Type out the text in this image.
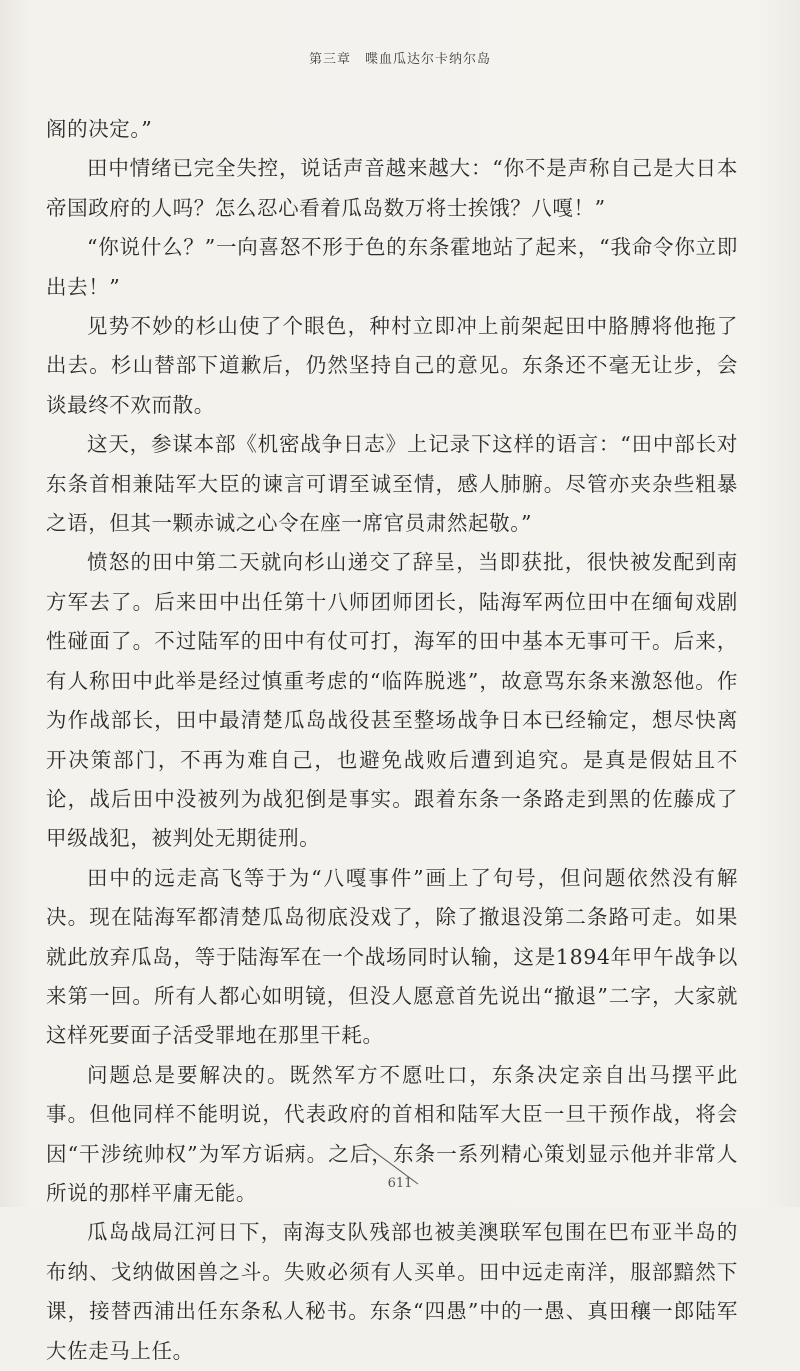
第三章 喋血瓜达尔卡纳尔岛

阁的决定。”

田中情绪已完全失控，说话声音越来越大：“你不是声称自己是大日本帝国政府的人吗？怎么忍心看着瓜岛数万将士挨饿？八嘎！”

“你说什么？”一向喜怒不形于色的东条霍地站了起来，“我命令你立即出去！”

见势不妙的杉山使了个眼色，种村立即冲上前架起田中胳膊将他拖了出去。杉山替部下道歉后，仍然坚持自己的意见。东条还不毫无让步，会谈最终不欢而散。

这天，参谋本部《机密战争日志》上记录下这样的语言：“田中部长对东条首相兼陆军大臣的谏言可谓至诚至情，感人肺腑。尽管亦夹杂些粗暴之语，但其一颗赤诚之心令在座一席官员肃然起敬。”

愤怒的田中第二天就向杉山递交了辞呈，当即获批，很快被发配到南方军去了。后来田中出任第十八师团师团长，陆海军两位田中在缅甸戏剧性碰面了。不过陆军的田中有仗可打，海军的田中基本无事可干。后来，有人称田中此举是经过慎重考虑的“临阵脱逃”，故意骂东条来激怒他。作为作战部长，田中最清楚瓜岛战役甚至整场战争日本已经输定，想尽快离开决策部门，不再为难自己，也避免战败后遭到追究。是真是假姑且不论，战后田中没被列为战犯倒是事实。跟着东条一条路走到黑的佐藤成了甲级战犯，被判处无期徒刑。

田中的远走高飞等于为“八嘎事件”画上了句号，但问题依然没有解决。现在陆海军都清楚瓜岛彻底没戏了，除了撤退没第二条路可走。如果就此放弃瓜岛，等于陆海军在一个战场同时认输，这是1894年甲午战争以来第一回。所有人都心如明镜，但没人愿意首先说出“撤退”二字，大家就这样死要面子活受罪地在那里干耗。

问题总是要解决的。既然军方不愿吐口，东条决定亲自出马摆平此事。但他同样不能明说，代表政府的首相和陆军大臣一旦干预作战，将会因“干涉统帅权”为军方诟病。之后，东条一系列精心策划显示他并非常人所说的那样平庸无能。

瓜岛战局江河日下，南海支队残部也被美澳联军包围在巴布亚半岛的布纳、戈纳做困兽之斗。失败必须有人买单。田中远走南洋，服部黯然下课，接替西浦出任东条私人秘书。东条“四愚”中的一愚、真田穰一郎陆军大佐走马上任。

611
